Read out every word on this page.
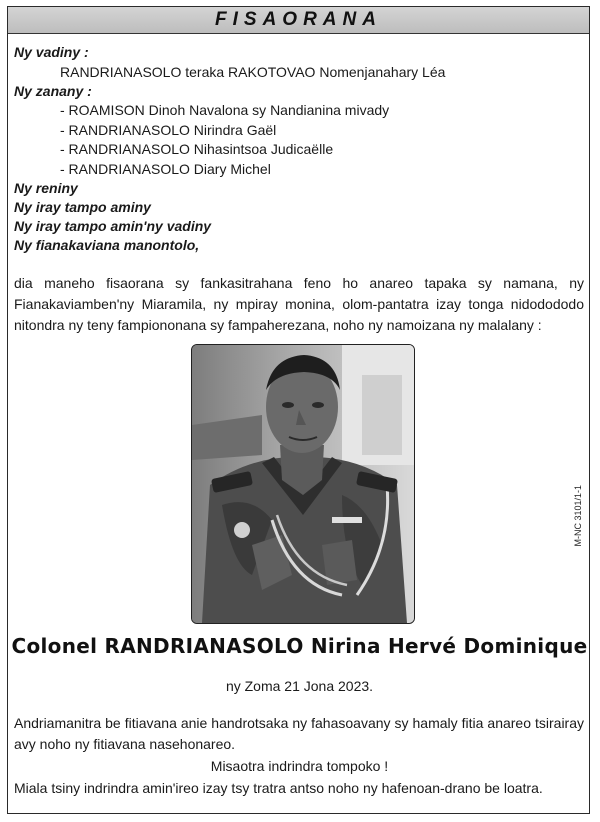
FISAORANA
Ny vadiny :
RANDRIANASOLO teraka RAKOTOVAO Nomenjanahary Léa
Ny zanany :
- ROAMISON Dinoh Navalona sy Nandianina mivady
- RANDRIANASOLO Nirindra Gaël
- RANDRIANASOLO Nihasintsoa Judicaëlle
- RANDRIANASOLO Diary Michel
Ny reniny
Ny iray tampo aminy
Ny iray tampo amin'ny vadiny
Ny fianakaviana manontolo,
dia maneho fisaorana sy fankasitrahana feno ho anareo tapaka sy namana, ny Fianakaviamben'ny Miaramila, ny mpiray monina, olom-pantatra izay tonga nidodododo nitondra ny teny fampiononana sy fampaherezana, noho ny namoizana ny malalany :
Colonel RANDRIANASOLO Nirina Hervé Dominique
ny Zoma 21 Jona 2023.
Andriamanitra be fitiavana anie handrotsaka ny fahasoavany sy hamaly fitia anareo tsirairay avy noho ny fitiavana nasehonareo.
Misaotra indrindra tompoko !
Miala tsiny indrindra amin'ireo izay tsy tratra antso noho ny hafenoan-drano be loatra.
M-NC 3101/1-1
